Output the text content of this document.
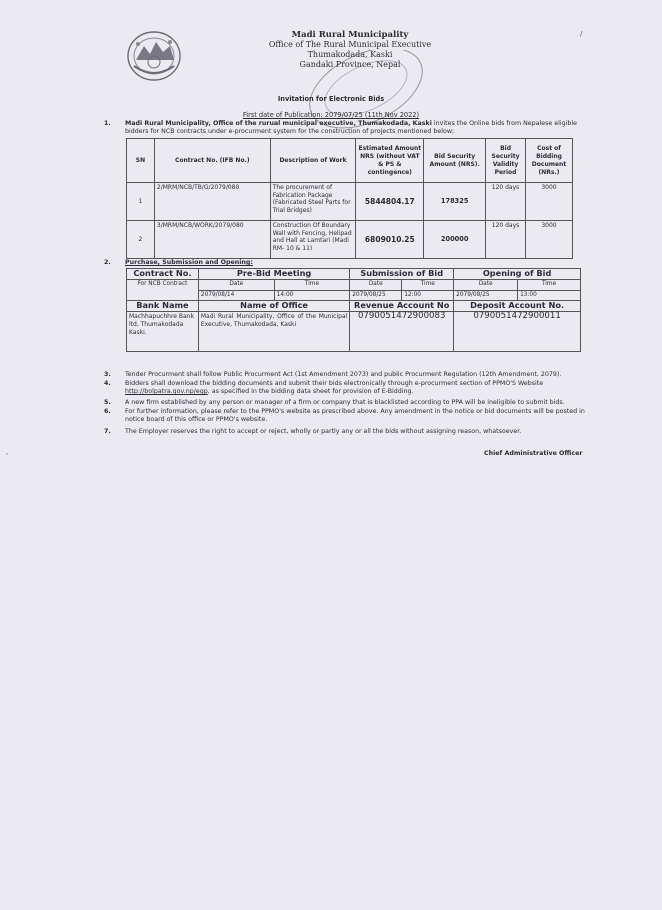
Madi Rural Municipality
Office of The Rural Municipal Executive
Thumakodada, Kaski
Gandaki Province, Nepal
First date of Publication: 2079/07/25 (11th Nov 2022)
Invitation for Electronic Bids
1. Madi Rural Municipality, Office of the rurual municipal executive, Thumakodada, Kaski invites the Online bids from Nepalese eligible bidders for NCB contracts under e-procurment system for the construction of projects mentioned below;
SN	Contract No. (IFB No.)	Description of Work	Estimated Amount NRS (without VAT & PS & contingence)	Bid Security Amount (NRS).	Bid Security Validity Period	Cost of Bidding Document (NRs.)
1	2/MRM/NCB/TB/G/2079/080	The procurement of Fabrication Package (Fabricated Steel Parts for Trial Bridges)	5844804.17	178325	120 days	3000
2	3/MRM/NCB/WORK/2079/080	Construction Of Boundary Wall with Fencing, Helipad and Hall at Lamtari (Madi RM- 10 & 11)	6809010.25	200000	120 days	3000
2. Purchase, Submission and Opening:
Contract No.	Pre-Bid Meeting		Submission of Bid		Opening of Bid	
For NCB Contract	Date	Time	Date	Time	Date	Time
	2079/08/14	14:00	2079/08/25	12:00	2079/08/25	13:00
Bank Name	Name of Office		Revenue Account No		Deposit Account No.	
Machhapuchhre Bank ltd, Thumakodada Kaski.	Madi Rural Municipality, Office of the Municipal Executive, Thumakodada, Kaski		0790051472900083		0790051472900011	
3. Tender Procurment shall follow Public Procurment Act (1st Amendment 2073) and public Procurment Regulation (12th Amendment, 2079).
4. Bidders shall download the bidding documents and submit their bids electronically through e-procurment section of PPMO'S Website http://bolpatra.gov.np/egp, as specified in the bidding data sheet for provision of E-Bidding.
5. A new firm established by any person or manager of a firm or company that is blacklisted according to PPA will be ineligible to submit bids.
6. For further information, please refer to the PPMO's website as prescribed above. Any amendment in the notice or bid documents will be posted in notice board of this office or PPMO's website.
7. The Employer reserves the right to accept or reject, wholly or partly any or all the bids without assigning reason, whatsoever.
Chief Administrative Officer
/
'
